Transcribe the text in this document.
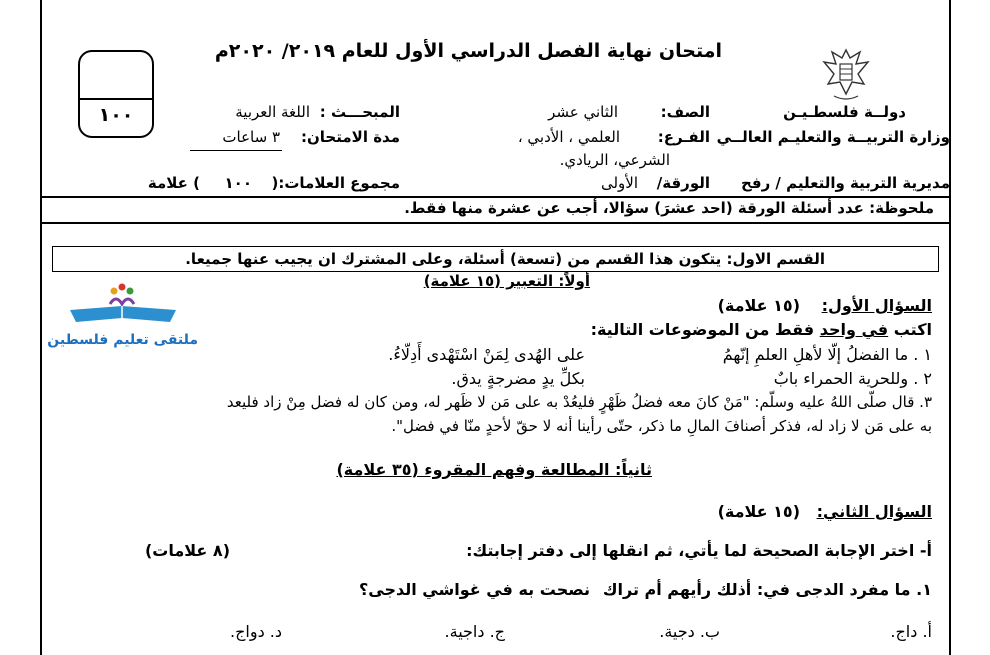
امتحان نهاية الفصل الدراسي الأول للعام ٢٠١٩/ ٢٠٢٠م
١٠٠	دولــة فلسطـيـن
وزارة التربيــة والتعليـم العالــي
مديرية التربية والتعليم / رفح
الصف:
الثاني عشر
الفـرع:
العلمي ، الأدبي ،
الشرعي، الريادي.
الورقة/
الأولى
المبحـــث :
اللغة العربية
مدة الامتحان:
٣ ساعات
مجموع العلامات:(
١٠٠
) علامة
ملحوظة: عدد أسئلة الورقة (احد عشرَ) سؤالا، أجب عن عشرة منها فقط.
القسم الاول: يتكون هذا القسم من (تسعة) أسئلة، وعلى المشترك ان يجيب عنها جميعا.
أولاً: التعبير (١٥ علامة)
ملتقى تعليم فلسطين
السؤال الأول:
(١٥ علامة)
اكتب في واحد فقط من الموضوعات التالية:
١ . ما الفضلُ إلّا لأهلِ العلمِ إنّهمُ
على الهُدى لِمَنْ اسْتَهْدى أَدِلّاءُ.
٢ . وللحرية الحمراء بابٌ
بكلِّ يدٍ مضرجةٍ يدق.
٣. قال صلّى اللهُ عليه وسلّم: "مَنْ كانَ معه فضلُ ظَهْرٍ فليعُدْ به على مَن لا ظَهر له، ومن كان له فضل مِنْ زاد فليعد
به على مَن لا زاد له، فذكر أصنافَ المالِ ما ذكر، حتّى رأينا أنه لا حقّ لأحدٍ منّا في فضل".
ثانياً: المطالعة وفهم المقروء (٣٥ علامة)
السؤال الثاني:
(١٥ علامة)
أ- اختر الإجابة الصحيحة لما يأتي، ثم انقلها إلى دفتر إجابتك:
(٨ علامات)
١. ما مفرد الدجى في: أذلك رأيهم أم تراك
نصحت به في غواشي الدجى؟
أ. داج.
ب. دجية.
ج. داجية.
د. دواج.
